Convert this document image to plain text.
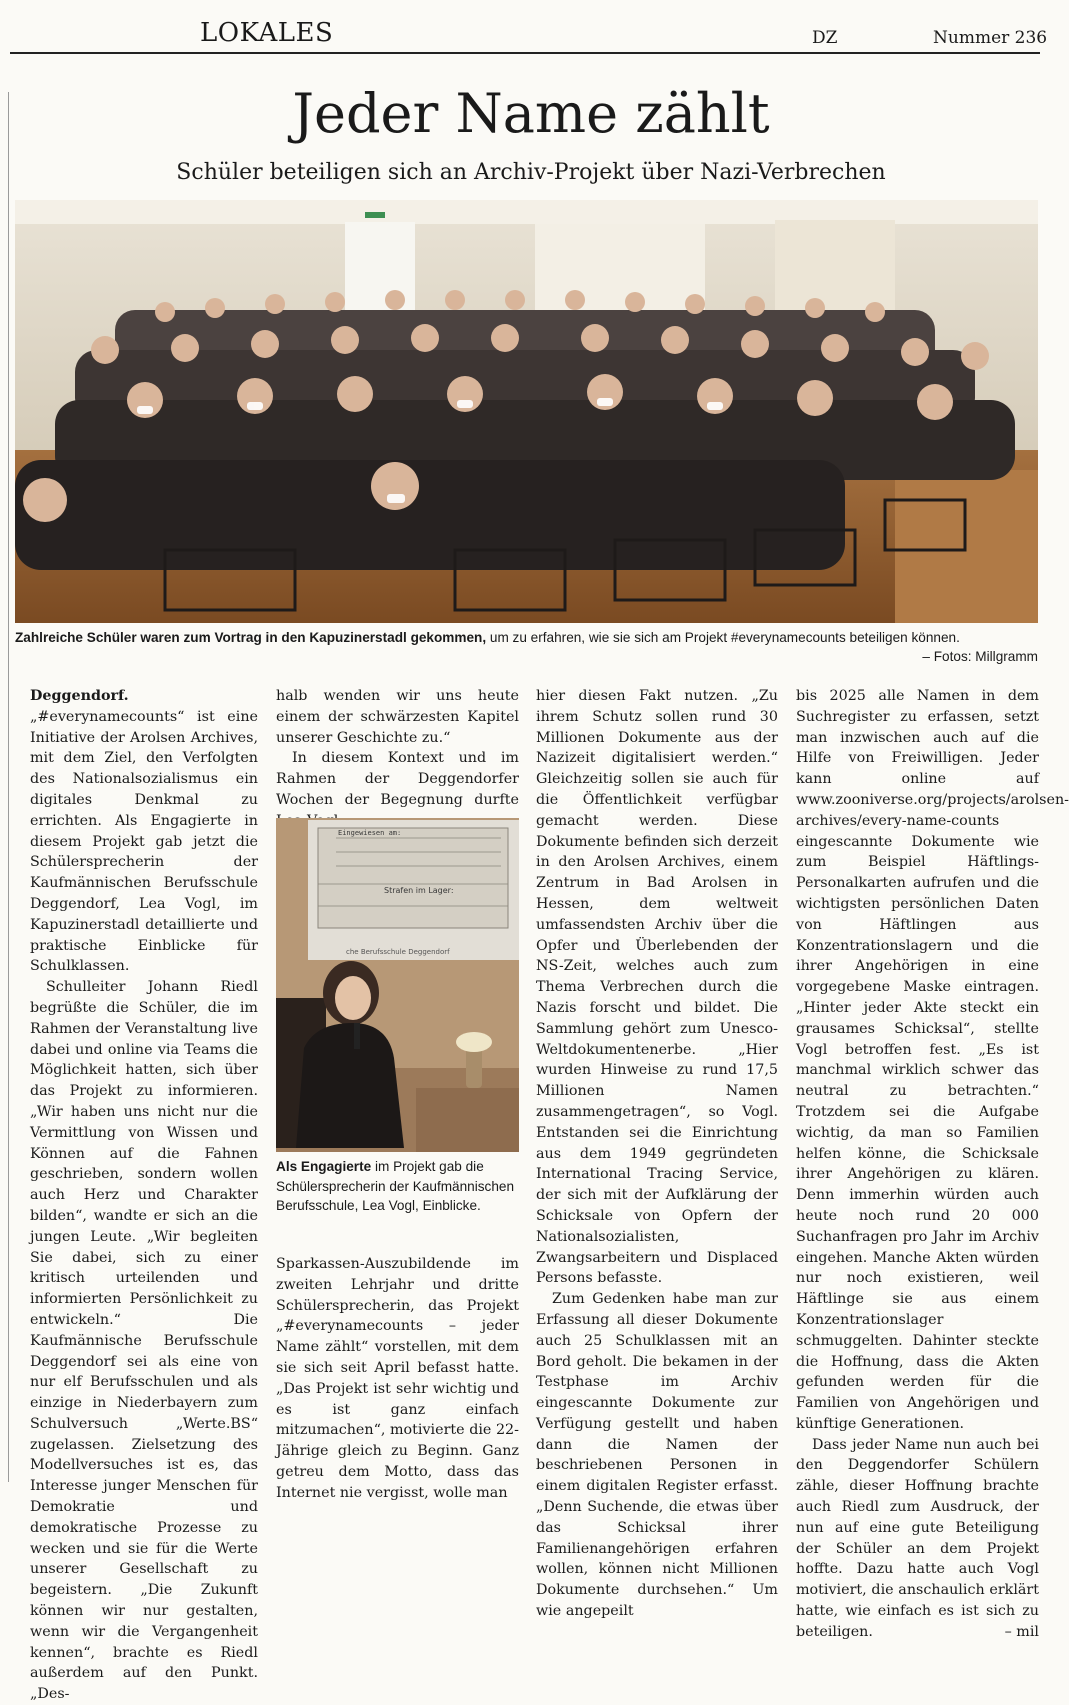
LOKALES	DZ	Nummer 236
Jeder Name zählt
Schüler beteiligen sich an Archiv-Projekt über Nazi-Verbrechen
Zahlreiche Schüler waren zum Vortrag in den Kapuzinerstadl gekommen, um zu erfahren, wie sie sich am Projekt #everynamecounts beteiligen können.
– Fotos: Millgramm

Deggendorf. „#everynamecounts“ ist eine Initiative der Arolsen Archives, mit dem Ziel, den Verfolgten des Nationalsozialismus ein digitales Denkmal zu errichten. Als Engagierte in diesem Projekt gab jetzt die Schülersprecherin der Kaufmännischen Berufsschule Deggendorf, Lea Vogl, im Kapuzinerstadl detaillierte und praktische Einblicke für Schulklassen.

Schulleiter Johann Riedl begrüßte die Schüler, die im Rahmen der Veranstaltung live dabei und online via Teams die Möglichkeit hatten, sich über das Projekt zu informieren. „Wir haben uns nicht nur die Vermittlung von Wissen und Können auf die Fahnen geschrieben, sondern wollen auch Herz und Charakter bilden“, wandte er sich an die jungen Leute. „Wir begleiten Sie dabei, sich zu einer kritisch urteilenden und informierten Persönlichkeit zu entwickeln.“ Die Kaufmännische Berufsschule Deggendorf sei als eine von nur elf Berufsschulen und als einzige in Niederbayern zum Schulversuch „Werte.BS“ zugelassen. Zielsetzung des Modellversuches ist es, das Interesse junger Menschen für Demokratie und demokratische Prozesse zu wecken und sie für die Werte unserer Gesellschaft zu begeistern. „Die Zukunft können wir nur gestalten, wenn wir die Vergangenheit kennen“, brachte es Riedl außerdem auf den Punkt. „Des-

halb wenden wir uns heute einem der schwärzesten Kapitel unserer Geschichte zu.“

In diesem Kontext und im Rahmen der Deggendorfer Wochen der Begegnung durfte

Eingewiesen am:
Strafen im Lager:
che Berufsschule Deggendorf
Als Engagierte im Projekt gab die Schülersprecherin der Kaufmännischen Berufsschule, Lea Vogl, Einblicke.

Sparkassen-Auszubildende im zweiten Lehrjahr und dritte Schülersprecherin, das Projekt „#everynamecounts – jeder Name zählt“ vorstellen, mit dem sie sich seit April befasst hatte. „Das Projekt ist sehr wichtig und es ist ganz einfach mitzumachen“, motivierte die 22-Jährige gleich zu Beginn. Ganz getreu dem Motto, dass das Internet nie vergisst, wolle man

hier diesen Fakt nutzen. „Zu ihrem Schutz sollen rund 30 Millionen Dokumente aus der Nazizeit digitalisiert werden.“ Gleichzeitig sollen sie auch für die Öffentlichkeit verfügbar gemacht werden. Diese Dokumente befinden sich derzeit in den Arolsen Archives, einem Zentrum in Bad Arolsen in Hessen, dem weltweit umfassendsten Archiv über die Opfer und Überlebenden der NS-Zeit, welches auch zum Thema Verbrechen durch die Nazis forscht und bildet. Die Sammlung gehört zum Unesco-Weltdokumentenerbe. „Hier wurden Hinweise zu rund 17,5 Millionen Namen zusammengetragen“, so Vogl. Entstanden sei die Einrichtung aus dem 1949 gegründeten International Tracing Service, der sich mit der Aufklärung der Schicksale von Opfern der Nationalsozialisten, Zwangsarbeitern und Displaced Persons befasste.

Zum Gedenken habe man zur Erfassung all dieser Dokumente auch 25 Schulklassen mit an Bord geholt. Die bekamen in der Testphase im Archiv eingescannte Dokumente zur Verfügung gestellt und haben dann die Namen der beschriebenen Personen in einem digitalen Register erfasst. „Denn Suchende, die etwas über das Schicksal ihrer Familienangehörigen erfahren wollen, können nicht Millionen Dokumente durchsehen.“ Um wie angepeilt

bis 2025 alle Namen in dem Suchregister zu erfassen, setzt man inzwischen auch auf die Hilfe von Freiwilligen. Jeder kann online auf www.zooniverse.org/projects/arolsen-archives/every-name-counts eingescannte Dokumente wie zum Beispiel Häftlings-Personalkarten aufrufen und die wichtigsten persönlichen Daten von Häftlingen aus Konzentrationslagern und die ihrer Angehörigen in eine vorgegebene Maske eintragen. „Hinter jeder Akte steckt ein grausames Schicksal“, stellte Vogl betroffen fest. „Es ist manchmal wirklich schwer das neutral zu betrachten.“ Trotzdem sei die Aufgabe wichtig, da man so Familien helfen könne, die Schicksale ihrer Angehörigen zu klären. Denn immerhin würden auch heute noch rund 20 000 Suchanfragen pro Jahr im Archiv eingehen. Manche Akten würden nur noch existieren, weil Häftlinge sie aus einem Konzentrationslager schmuggelten. Dahinter steckte die Hoffnung, dass die Akten gefunden werden für die Familien von Angehörigen und künftige Generationen.

Dass jeder Name nun auch bei den Deggendorfer Schülern zähle, dieser Hoffnung brachte auch Riedl zum Ausdruck, der nun auf eine gute Beteiligung der Schüler an dem Projekt hoffte. Dazu hatte auch Vogl motiviert, die anschaulich erklärt hatte, wie einfach es ist sich zu beteiligen.	– mil
